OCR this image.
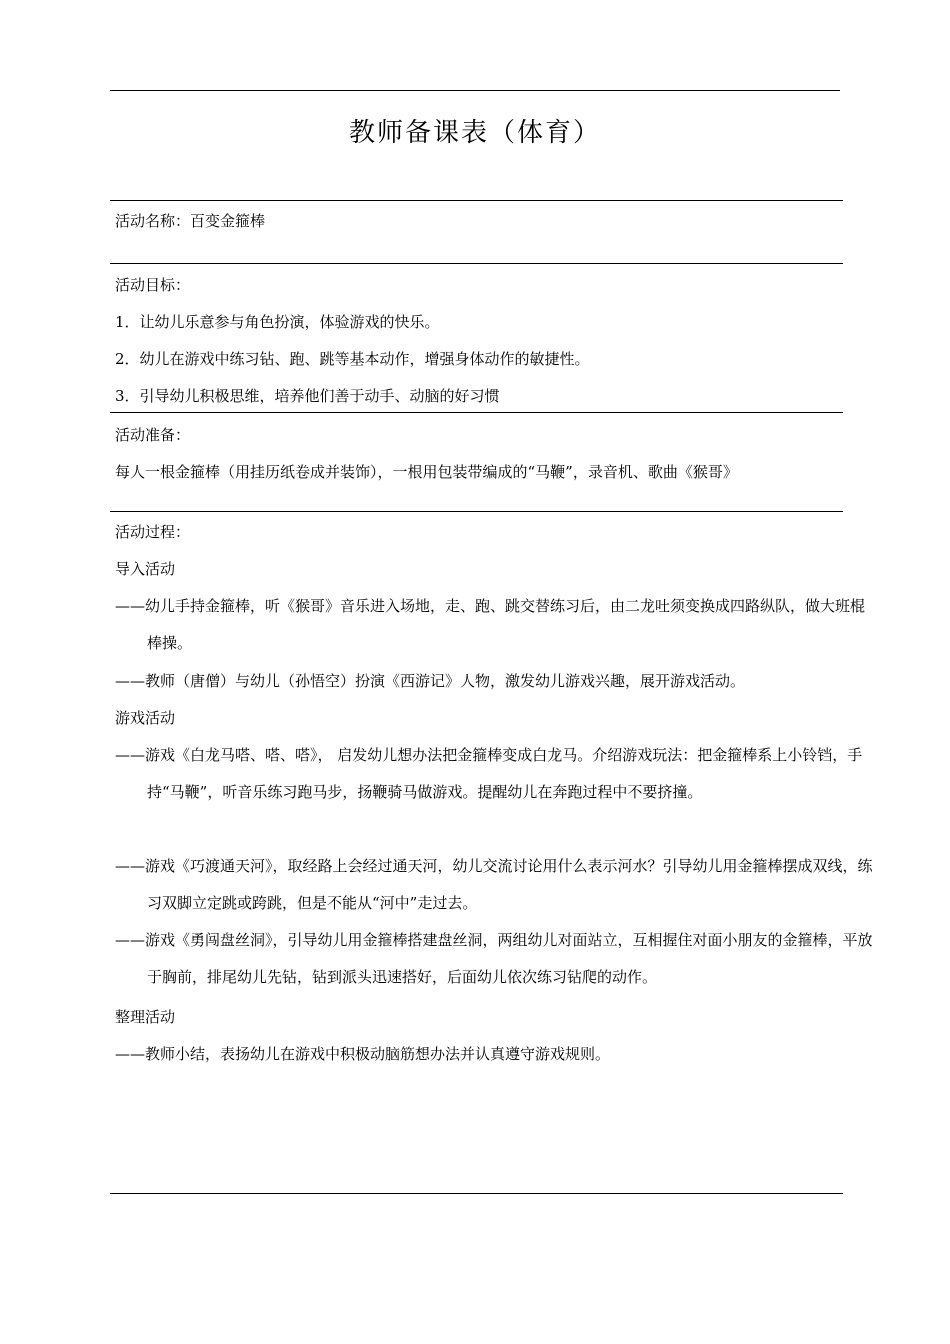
教师备课表（体育）
活动名称：百变金箍棒
活动目标：
1．让幼儿乐意参与角色扮演，体验游戏的快乐。
2．幼儿在游戏中练习钻、跑、跳等基本动作，增强身体动作的敏捷性。
3．引导幼儿积极思维，培养他们善于动手、动脑的好习惯
活动准备：
每人一根金箍棒（用挂历纸卷成并装饰），一根用包装带编成的“马鞭”，录音机、歌曲《猴哥》
活动过程：
导入活动
——幼儿手持金箍棒，听《猴哥》音乐进入场地，走、跑、跳交替练习后，由二龙吐须变换成四路纵队，做大班棍棒操。
——教师（唐僧）与幼儿（孙悟空）扮演《西游记》人物，激发幼儿游戏兴趣，展开游戏活动。
游戏活动
——游戏《白龙马嗒、嗒、嗒》， 启发幼儿想办法把金箍棒变成白龙马。介绍游戏玩法：把金箍棒系上小铃铛，手持“马鞭”，听音乐练习跑马步，扬鞭骑马做游戏。提醒幼儿在奔跑过程中不要挤撞。
——游戏《巧渡通天河》，取经路上会经过通天河，幼儿交流讨论用什么表示河水？引导幼儿用金箍棒摆成双线，练习双脚立定跳或跨跳，但是不能从“河中”走过去。
——游戏《勇闯盘丝洞》，引导幼儿用金箍棒搭建盘丝洞，两组幼儿对面站立，互相握住对面小朋友的金箍棒，平放于胸前，排尾幼儿先钻，钻到派头迅速搭好，后面幼儿依次练习钻爬的动作。
整理活动
——教师小结，表扬幼儿在游戏中积极动脑筋想办法并认真遵守游戏规则。
